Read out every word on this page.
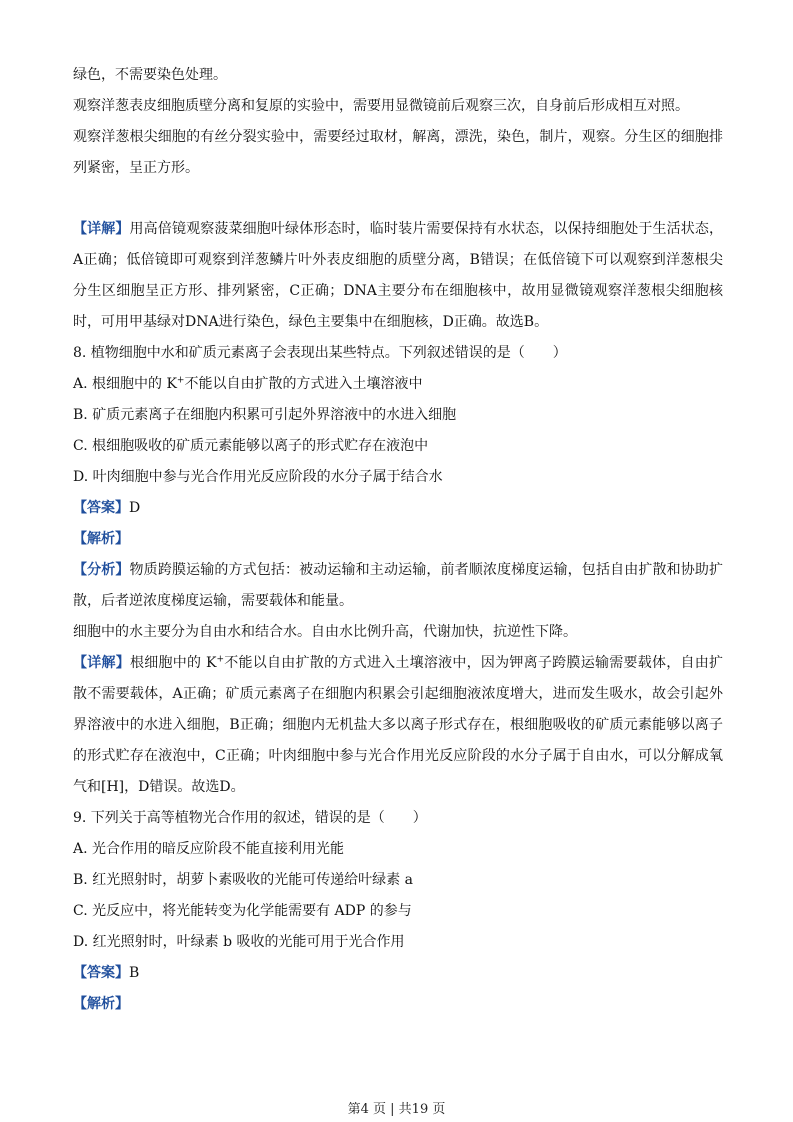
绿色，不需要染色处理。

观察洋葱表皮细胞质壁分离和复原的实验中，需要用显微镜前后观察三次，自身前后形成相互对照。

观察洋葱根尖细胞的有丝分裂实验中，需要经过取材，解离，漂洗，染色，制片，观察。分生区的细胞排列紧密，呈正方形。

【详解】用高倍镜观察菠菜细胞叶绿体形态时，临时装片需要保持有水状态，以保持细胞处于生活状态，A正确；低倍镜即可观察到洋葱鳞片叶外表皮细胞的质壁分离，B错误；在低倍镜下可以观察到洋葱根尖分生区细胞呈正方形、排列紧密，C正确；DNA主要分布在细胞核中，故用显微镜观察洋葱根尖细胞核时，可用甲基绿对DNA进行染色，绿色主要集中在细胞核，D正确。故选B。

8. 植物细胞中水和矿质元素离子会表现出某些特点。下列叙述错误的是（　　）

A. 根细胞中的 K+不能以自由扩散的方式进入土壤溶液中

B. 矿质元素离子在细胞内积累可引起外界溶液中的水进入细胞

C. 根细胞吸收的矿质元素能够以离子的形式贮存在液泡中

D. 叶肉细胞中参与光合作用光反应阶段的水分子属于结合水

【答案】D

【解析】

【分析】物质跨膜运输的方式包括：被动运输和主动运输，前者顺浓度梯度运输，包括自由扩散和协助扩散，后者逆浓度梯度运输，需要载体和能量。

细胞中的水主要分为自由水和结合水。自由水比例升高，代谢加快，抗逆性下降。

【详解】根细胞中的 K+不能以自由扩散的方式进入土壤溶液中，因为钾离子跨膜运输需要载体，自由扩散不需要载体，A正确；矿质元素离子在细胞内积累会引起细胞液浓度增大，进而发生吸水，故会引起外界溶液中的水进入细胞，B正确；细胞内无机盐大多以离子形式存在，根细胞吸收的矿质元素能够以离子的形式贮存在液泡中，C正确；叶肉细胞中参与光合作用光反应阶段的水分子属于自由水，可以分解成氧气和[H]，D错误。故选D。

9. 下列关于高等植物光合作用的叙述，错误的是（　　）

A. 光合作用的暗反应阶段不能直接利用光能

B. 红光照射时，胡萝卜素吸收的光能可传递给叶绿素 a

C. 光反应中，将光能转变为化学能需要有 ADP 的参与

D. 红光照射时，叶绿素 b 吸收的光能可用于光合作用

【答案】B

【解析】

第4 页 | 共19 页
